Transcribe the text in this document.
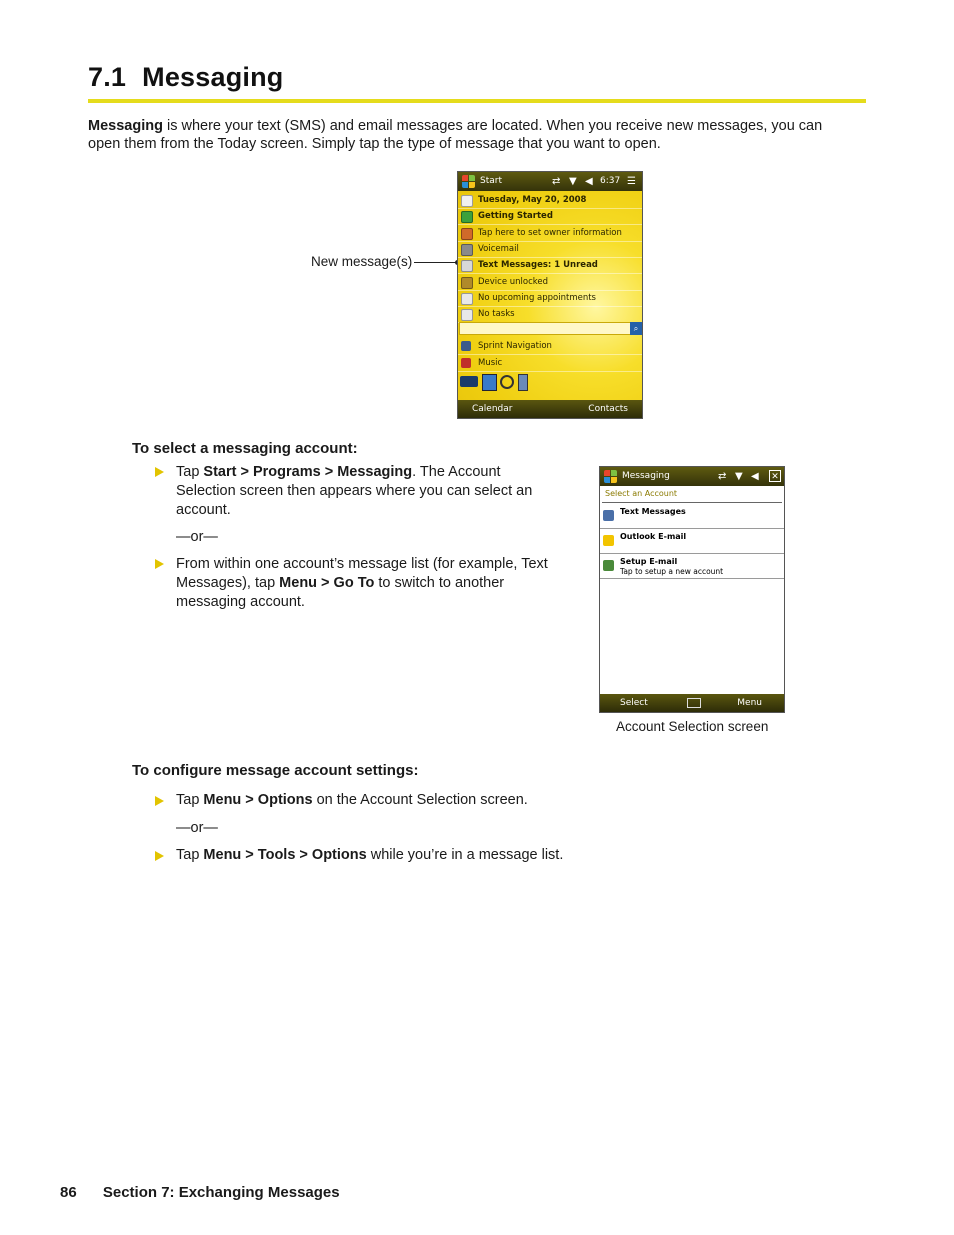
7.1 Messaging
Messaging is where your text (SMS) and email messages are located. When you receive new messages, you can open them from the Today screen. Simply tap the type of message that you want to open.
New message(s)
Start	⇄ ▼ ◀ 6:37 ☰
Tuesday, May 20, 2008
Getting Started
Tap here to set owner information
Voicemail
Text Messages: 1 Unread
Device unlocked
No upcoming appointments
No tasks
⌕
Sprint Navigation
Music
Calendar	Contacts
To select a messaging account:
Tap Start > Programs > Messaging. The Account Selection screen then appears where you can select an account.
—or—
From within one account’s message list (for example, Text Messages), tap Menu > Go To to switch to another messaging account.
Messaging	⇄ ▼ ◀ ✕
Select an Account
Text Messages
Outlook E-mail
Setup E-mail
Tap to setup a new account
Select	Menu
Account Selection screen
To configure message account settings:
Tap Menu > Options on the Account Selection screen.
—or—
Tap Menu > Tools > Options while you’re in a message list.
86 Section 7: Exchanging Messages
